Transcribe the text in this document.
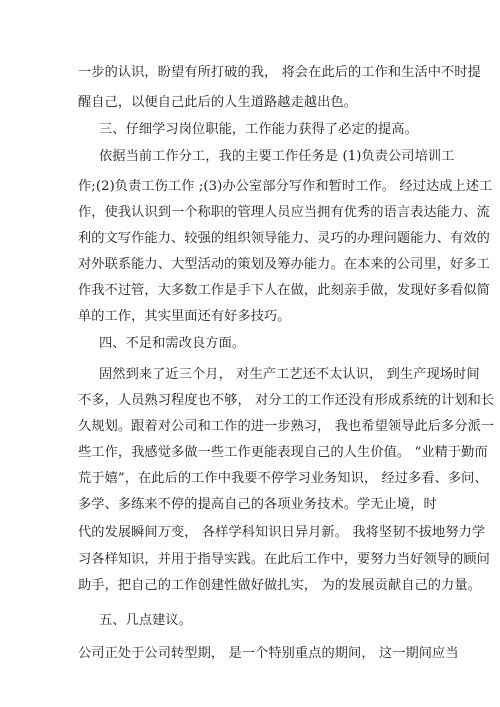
一步的认识，盼望有所打破的我， 将会在此后的工作和生活中不时提
醒自己，以便自己此后的人生道路越走越出色。
三、仔细学习岗位职能，工作能力获得了必定的提高。
依据当前工作分工，我的主要工作任务是 (1)负责公司培训工
作;(2)负责工伤工作 ;(3)办公室部分写作和暂时工作。 经过达成上述工
作，使我认识到一个称职的管理人员应当拥有优秀的语言表达能力、流
利的文写作能力、较强的组织领导能力、灵巧的办理问题能力、有效的
对外联系能力、大型活动的策划及筹办能力。在本来的公司里，好多工
作我不过管，大多数工作是手下人在做，此刻亲手做，发现好多看似简
单的工作，其实里面还有好多技巧。
四、不足和需改良方面。
固然到来了近三个月， 对生产工艺还不太认识， 到生产现场时间
不多，人员熟习程度也不够， 对分工的工作还没有形成系统的计划和长
久规划。跟着对公司和工作的进一步熟习， 我也希望领导此后多分派一
些工作，我感觉多做一些工作更能表现自己的人生价值。 “业精于勤而
荒于嬉”，在此后的工作中我要不停学习业务知识， 经过多看、多问、
多学、多练来不停的提高自己的各项业务技术。学无止境，时
代的发展瞬间万变， 各样学科知识日异月新。 我将坚韧不拔地努力学
习各样知识，并用于指导实践。在此后工作中，要努力当好领导的顾问
助手，把自己的工作创建性做好做扎实， 为的发展贡献自己的力量。
五、几点建议。
公司正处于公司转型期， 是一个特别重点的期间， 这一期间应当
